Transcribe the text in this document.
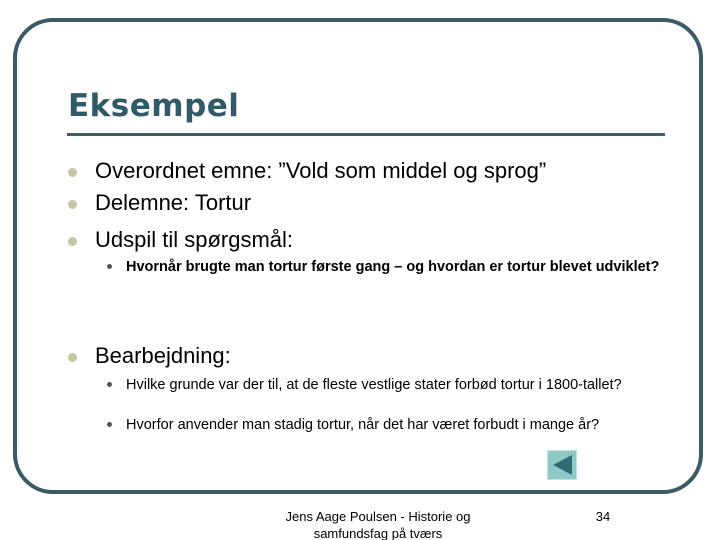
Eksempel
Overordnet emne: ”Vold som middel og sprog”
Delemne: Tortur
Udspil til spørgsmål:
Hvornår brugte man tortur første gang – og hvordan er tortur blevet udviklet?
Bearbejdning:
Hvilke grunde var der til, at de fleste vestlige stater forbød tortur i 1800-tallet?
Hvorfor anvender man stadig tortur, når det har været forbudt i mange år?
Jens Aage Poulsen - Historie og
samfundsfag på tværs
34
